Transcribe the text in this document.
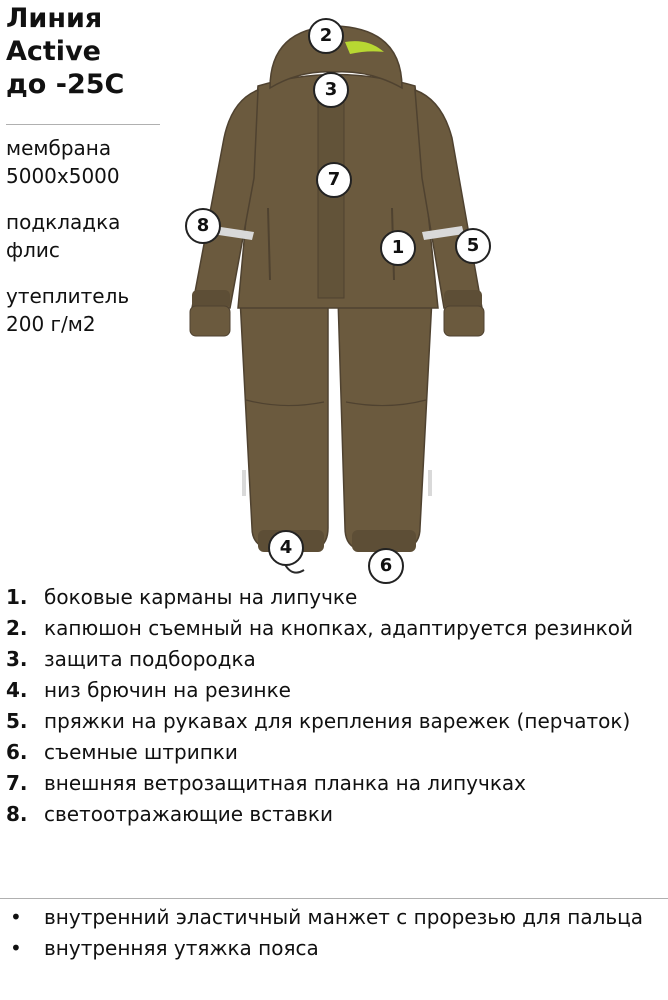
Линия
Active
до -25С
мембрана
5000х5000
подкладка
флис
утеплитель
200 г/м2
2
3
7
8
1	5
4
6
1. боковые карманы на липучке
2. капюшон съемный на кнопках, адаптируется резинкой
3. защита подбородка
4. низ брючин на резинке
5. пряжки на рукавах для крепления варежек (перчаток)
6. съемные штрипки
7. внешняя ветрозащитная планка на липучках
8. светоотражающие вставки
•	внутренний эластичный манжет с прорезью для пальца
•	внутренняя утяжка пояса
